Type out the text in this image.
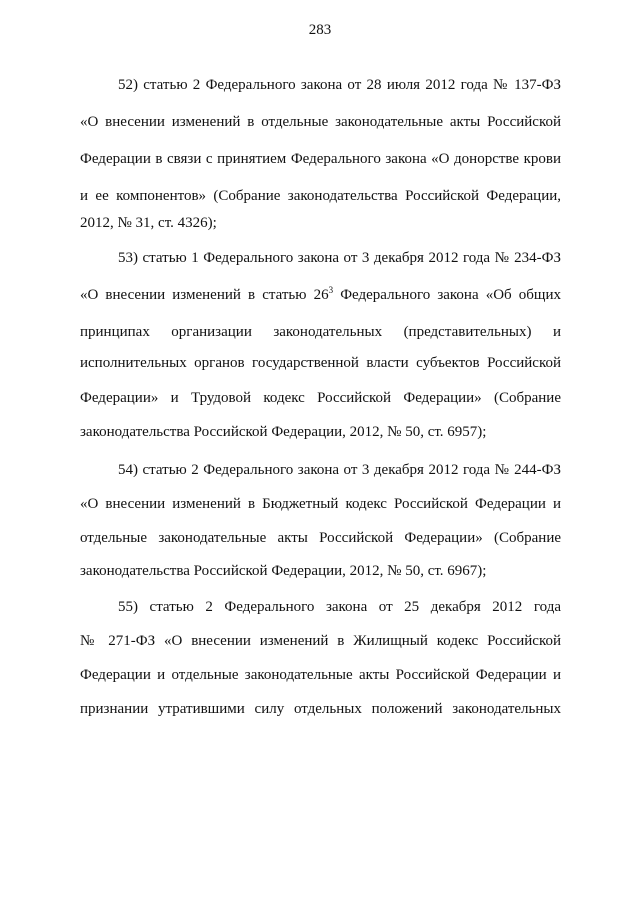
283
52) статью 2 Федерального закона от 28 июля 2012 года № 137-ФЗ
«О внесении изменений в отдельные законодательные акты Российской
Федерации в связи с принятием Федерального закона «О донорстве крови
и ее компонентов» (Собрание законодательства Российской Федерации,
2012, № 31, ст. 4326);
53) статью 1 Федерального закона от 3 декабря 2012 года № 234-ФЗ
«О внесении изменений в статью $26^3$ Федерального закона «Об общих
принципах организации законодательных (представительных) и
исполнительных органов государственной власти субъектов Российской
Федерации» и Трудовой кодекс Российской Федерации» (Собрание
законодательства Российской Федерации, 2012, № 50, ст. 6957);
54) статью 2 Федерального закона от 3 декабря 2012 года № 244-ФЗ
«О внесении изменений в Бюджетный кодекс Российской Федерации и
отдельные законодательные акты Российской Федерации» (Собрание
законодательства Российской Федерации, 2012, № 50, ст. 6967);
55) статью 2 Федерального закона от 25 декабря 2012 года
№ 271-ФЗ «О внесении изменений в Жилищный кодекс Российской
Федерации и отдельные законодательные акты Российской Федерации и
признании утратившими силу отдельных положений законодательных
